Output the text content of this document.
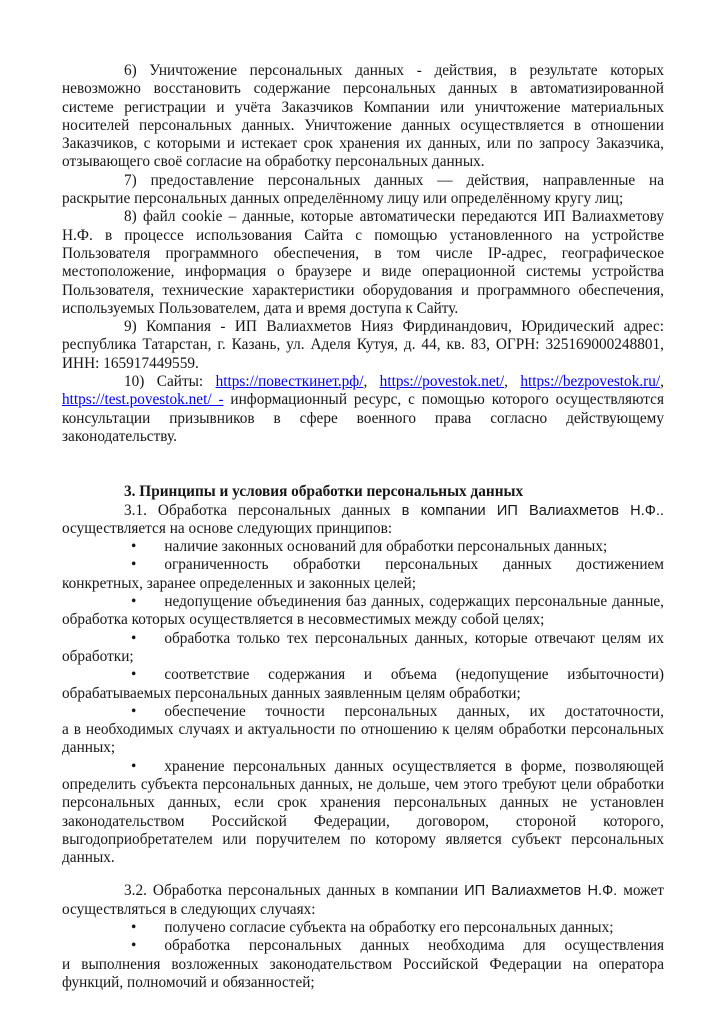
6) Уничтожение персональных данных - действия, в результате которых невозможно восстановить содержание персональных данных в автоматизированной системе регистрации и учёта Заказчиков Компании или уничтожение материальных носителей персональных данных. Уничтожение данных осуществляется в отношении Заказчиков, с которыми и истекает срок хранения их данных, или по запросу Заказчика, отзывающего своё согласие на обработку персональных данных.

7) предоставление персональных данных — действия, направленные на раскрытие персональных данных определённому лицу или определённому кругу лиц;

8) файл cookie – данные, которые автоматически передаются ИП Валиахметову Н.Ф. в процессе использования Сайта с помощью установленного на устройстве Пользователя программного обеспечения, в том числе IP-адрес, географическое местоположение, информация о браузере и виде операционной системы устройства Пользователя, технические характеристики оборудования и программного обеспечения, используемых Пользователем, дата и время доступа к Сайту.

9) Компания - ИП Валиахметов Нияз Фирдинандович, Юридический адрес: республика Татарстан, г. Казань, ул. Аделя Кутуя, д. 44, кв. 83, ОГРН: 325169000248801, ИНН: 165917449559.

10) Сайты: https://повесткинет.рф/, https://povestok.net/, https://bezpovestok.ru/, https://test.povestok.net/ - информационный ресурс, с помощью которого осуществляются консультации призывников в сфере военного права согласно действующему законодательству.

3. Принципы и условия обработки персональных данных

3.1. Обработка персональных данных в компании ИП Валиахметов Н.Ф.. осуществляется на основе следующих принципов:

• наличие законных оснований для обработки персональных данных;

• ограниченность обработки персональных данных достижением конкретных, заранее определенных и законных целей;

• недопущение объединения баз данных, содержащих персональные данные, обработка которых осуществляется в несовместимых между собой целях;

• обработка только тех персональных данных, которые отвечают целям их обработки;

• соответствие содержания и объема (недопущение избыточности) обрабатываемых персональных данных заявленным целям обработки;

• обеспечение точности персональных данных, их достаточности, а в необходимых случаях и актуальности по отношению к целям обработки персональных данных;

• хранение персональных данных осуществляется в форме, позволяющей определить субъекта персональных данных, не дольше, чем этого требуют цели обработки персональных данных, если срок хранения персональных данных не установлен законодательством Российской Федерации, договором, стороной которого, выгодоприобретателем или поручителем по которому является субъект персональных данных.

3.2. Обработка персональных данных в компании ИП Валиахметов Н.Ф. может осуществляться в следующих случаях:

• получено согласие субъекта на обработку его персональных данных;

• обработка персональных данных необходима для осуществления и выполнения возложенных законодательством Российской Федерации на оператора функций, полномочий и обязанностей;
